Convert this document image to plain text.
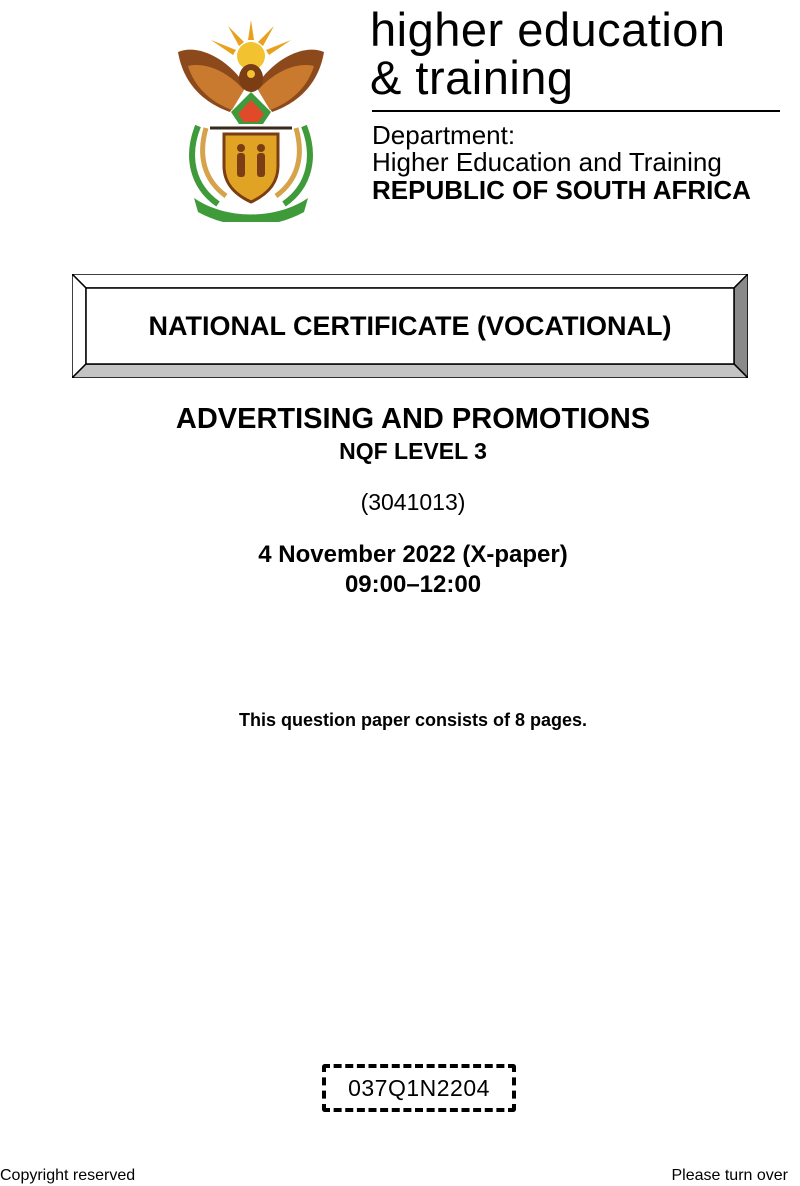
higher education
& training
Department:
Higher Education and Training
REPUBLIC OF SOUTH AFRICA
NATIONAL CERTIFICATE (VOCATIONAL)
ADVERTISING AND PROMOTIONS
NQF LEVEL 3
(3041013)
4 November 2022 (X-paper)
09:00–12:00
This question paper consists of 8 pages.
037Q1N2204
Copyright reserved	Please turn over
